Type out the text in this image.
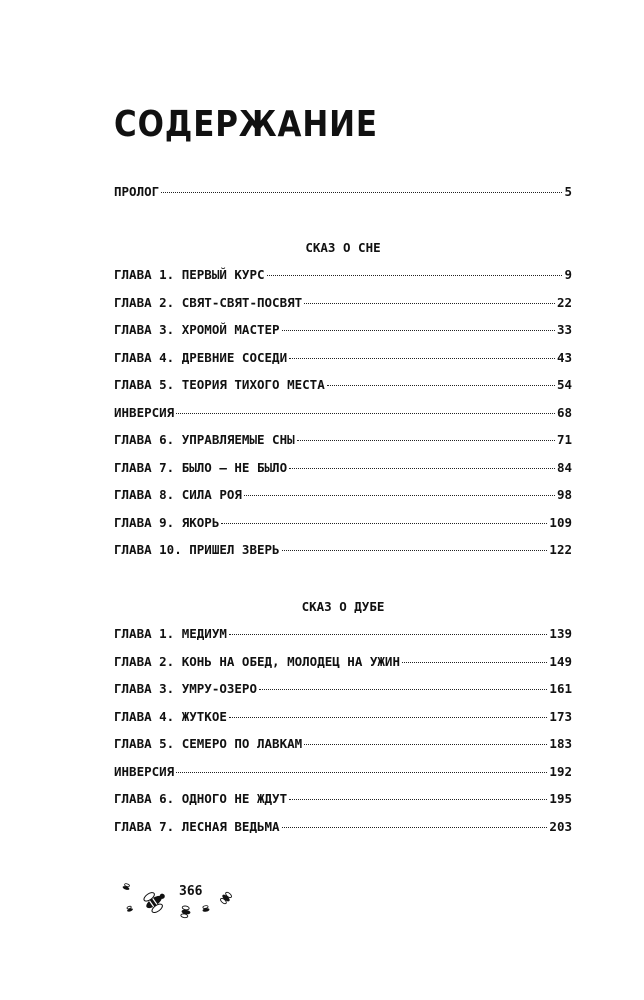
СОДЕРЖАНИЕ
ПРОЛОГ	5
СКАЗ О СНЕ
ГЛАВА 1. ПЕРВЫЙ КУРС	9
ГЛАВА 2. СВЯТ-СВЯТ-ПОСВЯТ	22
ГЛАВА 3. ХРОМОЙ МАСТЕР	33
ГЛАВА 4. ДРЕВНИЕ СОСЕДИ	43
ГЛАВА 5. ТЕОРИЯ ТИХОГО МЕСТА	54
ИНВЕРСИЯ	68
ГЛАВА 6. УПРАВЛЯЕМЫЕ СНЫ	71
ГЛАВА 7. БЫЛО – НЕ БЫЛО	84
ГЛАВА 8. СИЛА РОЯ	98
ГЛАВА 9. ЯКОРЬ	109
ГЛАВА 10. ПРИШЕЛ ЗВЕРЬ	122
СКАЗ О ДУБЕ
ГЛАВА 1. МЕДИУМ	139
ГЛАВА 2. КОНЬ НА ОБЕД, МОЛОДЕЦ НА УЖИН	149
ГЛАВА 3. УМРУ-ОЗЕРО	161
ГЛАВА 4. ЖУТКОЕ	173
ГЛАВА 5. СЕМЕРО ПО ЛАВКАМ	183
ИНВЕРСИЯ	192
ГЛАВА 6. ОДНОГО НЕ ЖДУТ	195
ГЛАВА 7. ЛЕСНАЯ ВЕДЬМА	203
366
